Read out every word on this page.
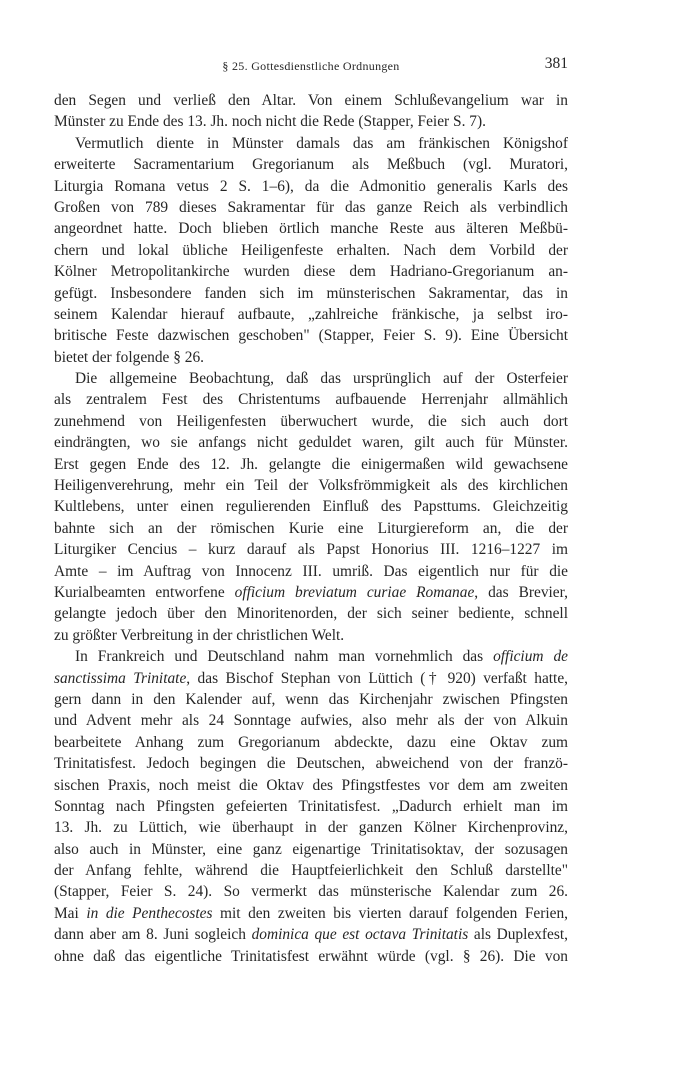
§ 25. Gottesdienstliche Ordnungen	381
den Segen und verließ den Altar. Von einem Schlußevangelium war in
Münster zu Ende des 13. Jh. noch nicht die Rede (Stapper, Feier S. 7).
Vermutlich diente in Münster damals das am fränkischen Königshof
erweiterte Sacramentarium Gregorianum als Meßbuch (vgl. Muratori,
Liturgia Romana vetus 2 S. 1–6), da die Admonitio generalis Karls des
Großen von 789 dieses Sakramentar für das ganze Reich als verbindlich
angeordnet hatte. Doch blieben örtlich manche Reste aus älteren Meßbü-
chern und lokal übliche Heiligenfeste erhalten. Nach dem Vorbild der
Kölner Metropolitankirche wurden diese dem Hadriano-Gregorianum an-
gefügt. Insbesondere fanden sich im münsterischen Sakramentar, das in
seinem Kalendar hierauf aufbaute, „zahlreiche fränkische, ja selbst iro-
britische Feste dazwischen geschoben" (Stapper, Feier S. 9). Eine Übersicht
bietet der folgende § 26.
Die allgemeine Beobachtung, daß das ursprünglich auf der Osterfeier
als zentralem Fest des Christentums aufbauende Herrenjahr allmählich
zunehmend von Heiligenfesten überwuchert wurde, die sich auch dort
eindrängten, wo sie anfangs nicht geduldet waren, gilt auch für Münster.
Erst gegen Ende des 12. Jh. gelangte die einigermaßen wild gewachsene
Heiligenverehrung, mehr ein Teil der Volksfrömmigkeit als des kirchlichen
Kultlebens, unter einen regulierenden Einfluß des Papsttums. Gleichzeitig
bahnte sich an der römischen Kurie eine Liturgiereform an, die der
Liturgiker Cencius – kurz darauf als Papst Honorius III. 1216–1227 im
Amte – im Auftrag von Innocenz III. umriß. Das eigentlich nur für die
Kurialbeamten entworfene officium breviatum curiae Romanae, das Brevier,
gelangte jedoch über den Minoritenorden, der sich seiner bediente, schnell
zu größter Verbreitung in der christlichen Welt.
In Frankreich und Deutschland nahm man vornehmlich das officium de
sanctissima Trinitate, das Bischof Stephan von Lüttich († 920) verfaßt hatte,
gern dann in den Kalender auf, wenn das Kirchenjahr zwischen Pfingsten
und Advent mehr als 24 Sonntage aufwies, also mehr als der von Alkuin
bearbeitete Anhang zum Gregorianum abdeckte, dazu eine Oktav zum
Trinitatisfest. Jedoch begingen die Deutschen, abweichend von der franzö-
sischen Praxis, noch meist die Oktav des Pfingstfestes vor dem am zweiten
Sonntag nach Pfingsten gefeierten Trinitatisfest. „Dadurch erhielt man im
13. Jh. zu Lüttich, wie überhaupt in der ganzen Kölner Kirchenprovinz,
also auch in Münster, eine ganz eigenartige Trinitatisoktav, der sozusagen
der Anfang fehlte, während die Hauptfeierlichkeit den Schluß darstellte"
(Stapper, Feier S. 24). So vermerkt das münsterische Kalendar zum 26.
Mai in die Penthecostes mit den zweiten bis vierten darauf folgenden Ferien,
dann aber am 8. Juni sogleich dominica que est octava Trinitatis als Duplexfest,
ohne daß das eigentliche Trinitatisfest erwähnt würde (vgl. § 26). Die von
